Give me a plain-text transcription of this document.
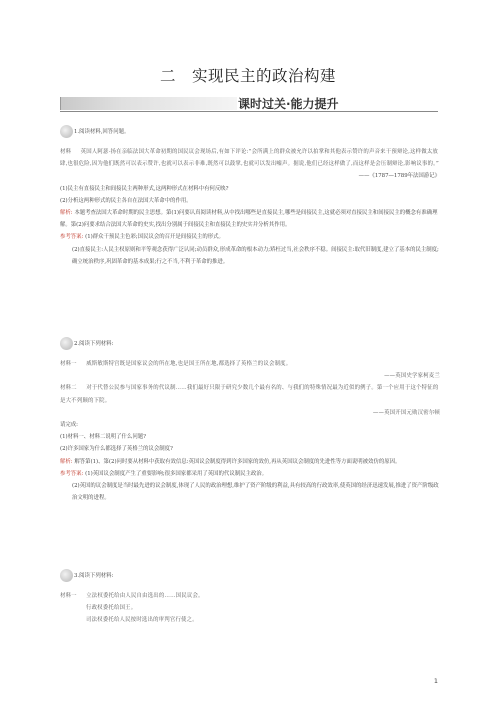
二　实现民主的政治构建
课时过关·能力提升
1.阅读材料,回答问题。

材料 　 英国人阿瑟·扬在亲临法国大革命初期的国民议会现场后,有如下评论:“会所满上的群众被允许以拍掌和其他表示赞许的声音来干预辩论,这样做太放肆,也很危险,因为他们既然可以表示赞许,也就可以表示非难,既然可以鼓掌,也就可以发出嘘声。据说,他们已经这样做了,而这样是会压制辩论,影响议事的。”

——《1787—1789年法国游记》

(1)民主有直接民主和间接民主两种形式,这两种形式在材料中有何反映?

(2)分析这两种形式的民主各自在法国大革命中的作用。

解析: 本题考查法国大革命时期的民主思想。第(1)问要认真阅读材料,从中找出哪些是直接民主,哪些是间接民主,这就必须对直接民主和间接民主的概念有准确理解。第(2)问要求结合法国大革命的史实,找出分别属于间接民主和直接民主的史实并分析其作用。

参考答案: (1)群众干预民主色彩;国民议会的召开是间接民主的形式。

(2)直接民主:人民主权原则和平等观念获得广泛认同;动员群众,形成革命的根本动力;矫枉过当,社会秩序不稳。间接民主:取代旧制度,建立了基本的民主制度;确立统治秩序,巩固革命的基本成果;行之不当,不利于革命的推进。

2.阅读下列材料:

材料一 　 威斯敏斯特宫既是国家议会的所在地,也是国王所在地,都选择了英格兰的议会制度。

——英国史学家柯麦兰

材料二 　 对于代替公民参与国家事务的代议制……我们最好只限于研究少数几个最有名的、与我们的特殊情况最为近似的例子。第一个应用于这个特征的是大不列颠的下院。

——英国开国元勋汉密尔顿

请完成:

(1)材料一、材料二说明了什么问题?

(2)许多国家为什么都选择了英格兰的议会制度?

解析: 解答第(1)、第(2)问时要从材料中获取有效信息:英国议会制度得到许多国家的效仿,再从英国议会制度的先进性等方面说明被效仿的原因。

参考答案: (1)英国议会制度产生了重要影响;很多国家都采用了英国的代议制民主政治。

(2)英国的议会制度是当时最先进的议会制度,体现了人民的政治理想,维护了资产阶级的利益,具有较高的行政效率,使英国的经济迅速发展,推进了资产阶级政治文明的进程。

3.阅读下列材料:

材料一 　 立法权委托给由人民自由选出的……国民议会。

行政权委托给国王。

司法权委托给人民按时选出的审判官行使之。

1
